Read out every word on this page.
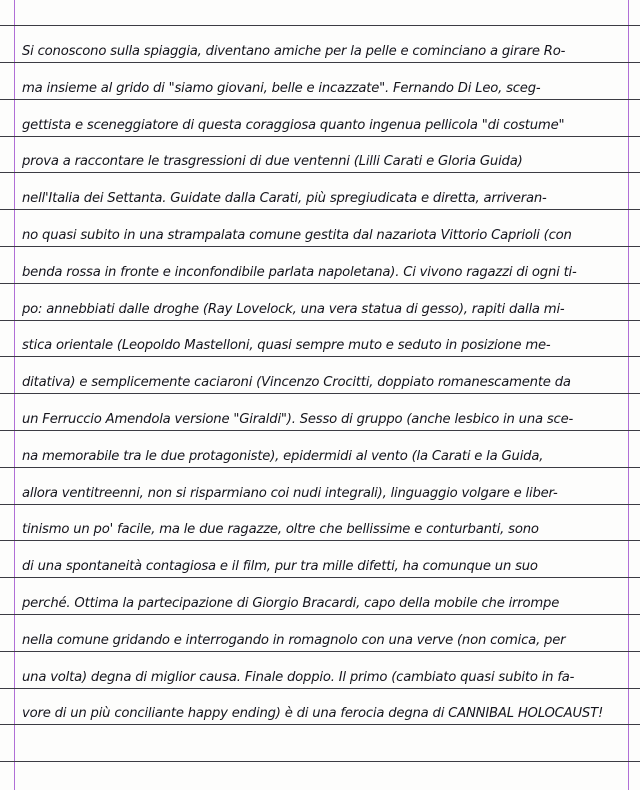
Si conoscono sulla spiaggia, diventano amiche per la pelle e cominciano a girare Ro-
ma insieme al grido di "siamo giovani, belle e incazzate". Fernando Di Leo, sceg-
gettista e sceneggiatore di questa coraggiosa quanto ingenua pellicola "di costume"
prova a raccontare le trasgressioni di due ventenni (Lilli Carati e Gloria Guida)
nell'Italia dei Settanta. Guidate dalla Carati, più spregiudicata e diretta, arriveran-
no quasi subito in una strampalata comune gestita dal nazariota Vittorio Caprioli (con
benda rossa in fronte e inconfondibile parlata napoletana). Ci vivono ragazzi di ogni ti-
po: annebbiati dalle droghe (Ray Lovelock, una vera statua di gesso), rapiti dalla mi-
stica orientale (Leopoldo Mastelloni, quasi sempre muto e seduto in posizione me-
ditativa) e semplicemente caciaroni (Vincenzo Crocitti, doppiato romanescamente da
un Ferruccio Amendola versione "Giraldi"). Sesso di gruppo (anche lesbico in una sce-
na memorabile tra le due protagoniste), epidermidi al vento (la Carati e la Guida,
allora ventitreenni, non si risparmiano coi nudi integrali), linguaggio volgare e liber-
tinismo un po' facile, ma le due ragazze, oltre che bellissime e conturbanti, sono
di una spontaneità contagiosa e il film, pur tra mille difetti, ha comunque un suo
perché. Ottima la partecipazione di Giorgio Bracardi, capo della mobile che irrompe
nella comune gridando e interrogando in romagnolo con una verve (non comica, per
una volta) degna di miglior causa. Finale doppio. Il primo (cambiato quasi subito in fa-
vore di un più conciliante happy ending) è di una ferocia degna di CANNIBAL HOLOCAUST!
